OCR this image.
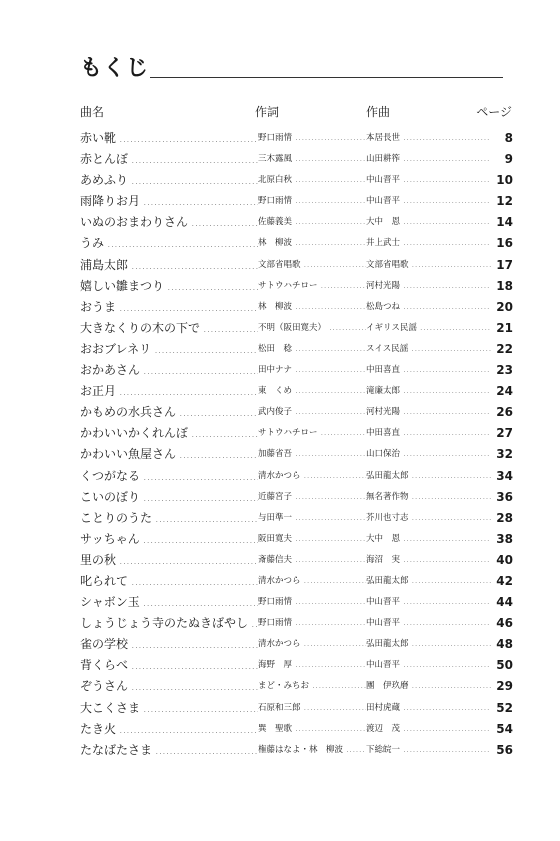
もくじ
曲名	作詞	作曲	ページ
赤い靴 .....	野口雨情 .....	本居長世 .....	8
赤とんぼ .....	三木露風 .....	山田耕筰 .....	9
あめふり .....	北原白秋 .....	中山晋平 .....	10
雨降りお月 .....	野口雨情 .....	中山晋平 .....	12
いぬのおまわりさん .....	佐藤義美 .....	大中　恩 .....	14
うみ .....	林　柳波 .....	井上武士 .....	16
浦島太郎 .....	文部省唱歌 .....	文部省唱歌 .....	17
嬉しい雛まつり .....	サトウハチロー .....	河村光陽 .....	18
おうま .....	林　柳波 .....	松島つね .....	20
大きなくりの木の下で .....	不明（阪田寛夫） .....	イギリス民謡 .....	21
おおブレネリ .....	松田　稔 .....	スイス民謡 .....	22
おかあさん .....	田中ナナ .....	中田喜直 .....	23
お正月 .....	東　くめ .....	滝廉太郎 .....	24
かもめの水兵さん .....	武内俊子 .....	河村光陽 .....	26
かわいいかくれんぼ .....	サトウハチロー .....	中田喜直 .....	27
かわいい魚屋さん .....	加藤省吾 .....	山口保治 .....	32
くつがなる .....	清水かつら .....	弘田龍太郎 .....	34
こいのぼり .....	近藤宮子 .....	無名著作物 .....	36
ことりのうた .....	与田準一 .....	芥川也寸志 .....	28
サッちゃん .....	阪田寛夫 .....	大中　恩 .....	38
里の秋 .....	斎藤信夫 .....	海沼　実 .....	40
叱られて .....	清水かつら .....	弘田龍太郎 .....	42
シャボン玉 .....	野口雨情 .....	中山晋平 .....	44
しょうじょう寺のたぬきばやし .....	野口雨情 .....	中山晋平 .....	46
雀の学校 .....	清水かつら .....	弘田龍太郎 .....	48
背くらべ .....	海野　厚 .....	中山晋平 .....	50
ぞうさん .....	まど・みちお .....	團　伊玖磨 .....	29
大こくさま .....	石原和三郎 .....	田村虎蔵 .....	52
たき火 .....	巽　聖歌 .....	渡辺　茂 .....	54
たなばたさま .....	権藤はなよ・林　柳波 .....	下総皖一 .....	56
